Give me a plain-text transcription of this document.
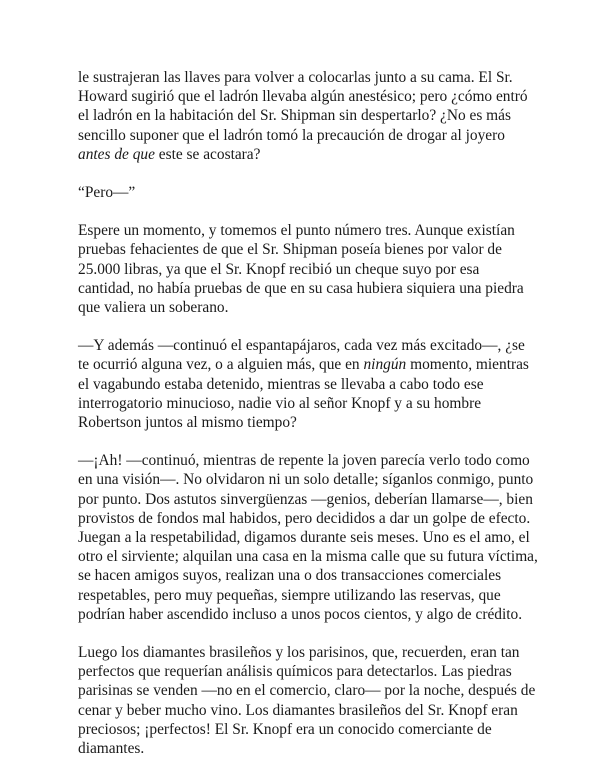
le sustrajeran las llaves para volver a colocarlas junto a su cama. El Sr. Howard sugirió que el ladrón llevaba algún anestésico; pero ¿cómo entró el ladrón en la habitación del Sr. Shipman sin despertarlo? ¿No es más sencillo suponer que el ladrón tomó la precaución de drogar al joyero antes de que este se acostara?

“Pero—”

Espere un momento, y tomemos el punto número tres. Aunque existían pruebas fehacientes de que el Sr. Shipman poseía bienes por valor de 25.000 libras, ya que el Sr. Knopf recibió un cheque suyo por esa cantidad, no había pruebas de que en su casa hubiera siquiera una piedra que valiera un soberano.

—Y además —continuó el espantapájaros, cada vez más excitado—, ¿se te ocurrió alguna vez, o a alguien más, que en ningún momento, mientras el vagabundo estaba detenido, mientras se llevaba a cabo todo ese interrogatorio minucioso, nadie vio al señor Knopf y a su hombre Robertson juntos al mismo tiempo?

—¡Ah! —continuó, mientras de repente la joven parecía verlo todo como en una visión—. No olvidaron ni un solo detalle; síganlos conmigo, punto por punto. Dos astutos sinvergüenzas —genios, deberían llamarse—, bien provistos de fondos mal habidos, pero decididos a dar un golpe de efecto. Juegan a la respetabilidad, digamos durante seis meses. Uno es el amo, el otro el sirviente; alquilan una casa en la misma calle que su futura víctima, se hacen amigos suyos, realizan una o dos transacciones comerciales respetables, pero muy pequeñas, siempre utilizando las reservas, que podrían haber ascendido incluso a unos pocos cientos, y algo de crédito.

Luego los diamantes brasileños y los parisinos, que, recuerden, eran tan perfectos que requerían análisis químicos para detectarlos. Las piedras parisinas se venden —no en el comercio, claro— por la noche, después de cenar y beber mucho vino. Los diamantes brasileños del Sr. Knopf eran preciosos; ¡perfectos! El Sr. Knopf era un conocido comerciante de diamantes.
